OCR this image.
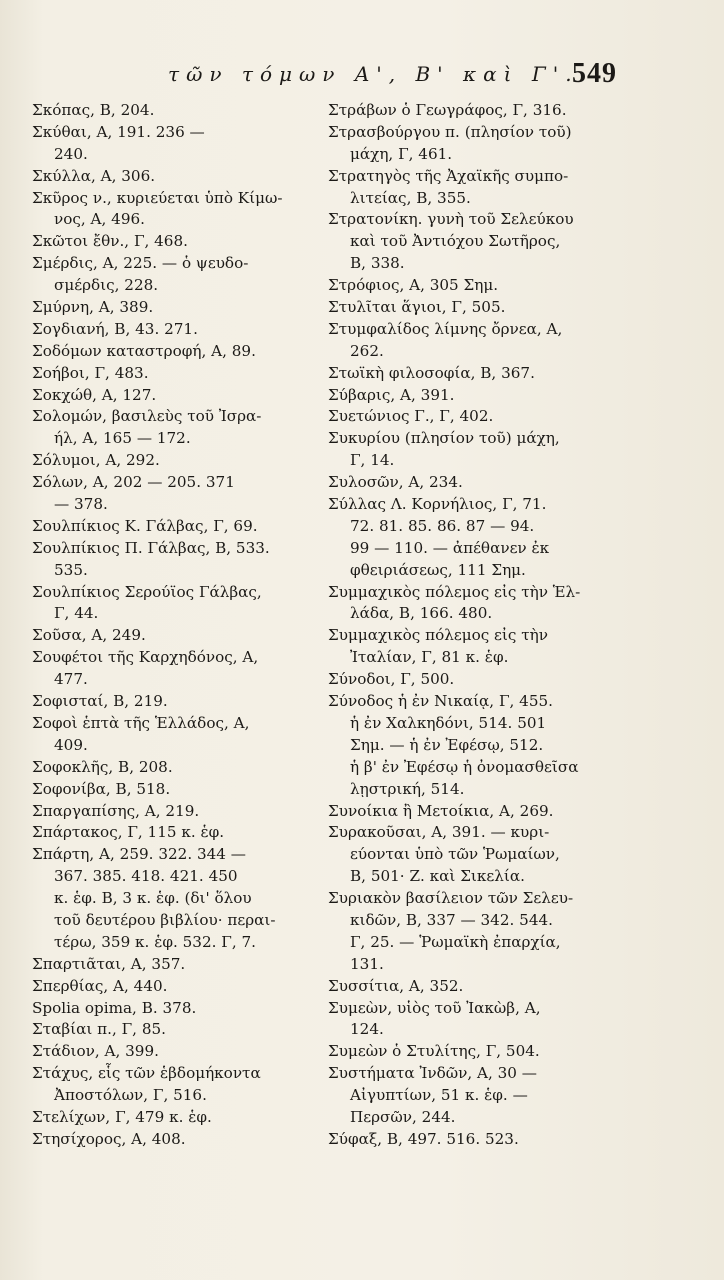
τῶν τόμων Α', Β' καὶ Γ'.
549
Σκόπας, Β, 204.
Σκύθαι, Α, 191. 236 —
240.
Σκύλλα, Α, 306.
Σκῦρος ν., κυριεύεται ὑπὸ Κίμω-
νος, Α, 496.
Σκῶτοι ἔθν., Γ, 468.
Σμέρδις, Α, 225. — ὁ ψευδο-
σμέρδις, 228.
Σμύρνη, Α, 389.
Σογδιανή, Β, 43. 271.
Σοδόμων καταστροφή, Α, 89.
Σοήβοι, Γ, 483.
Σοκχώθ, Α, 127.
Σολομών, βασιλεὺς τοῦ Ἰσρα-
ήλ, Α, 165 — 172.
Σόλυμοι, Α, 292.
Σόλων, Α, 202 — 205. 371
— 378.
Σουλπίκιος Κ. Γάλβας, Γ, 69.
Σουλπίκιος Π. Γάλβας, Β, 533.
535.
Σουλπίκιος Σερούϊος Γάλβας,
Γ, 44.
Σοῦσα, Α, 249.
Σουφέτοι τῆς Καρχηδόνος, Α,
477.
Σοφισταί, Β, 219.
Σοφοὶ ἑπτὰ τῆς Ἑλλάδος, Α,
409.
Σοφοκλῆς, Β, 208.
Σοφονίβα, Β, 518.
Σπαργαπίσης, Α, 219.
Σπάρτακος, Γ, 115 κ. ἑφ.
Σπάρτη, Α, 259. 322. 344 —
367. 385. 418. 421. 450
κ. ἑφ. Β, 3 κ. ἑφ. (δι' ὅλου
τοῦ δευτέρου βιβλίου· περαι-
τέρω, 359 κ. ἑφ. 532. Γ, 7.
Σπαρτιᾶται, Α, 357.
Σπερθίας, Α, 440.
Spolia opima, Β. 378.
Σταβίαι π., Γ, 85.
Στάδιον, Α, 399.
Στάχυς, εἷς τῶν ἑβδομήκοντα
Ἀποστόλων, Γ, 516.
Στελίχων, Γ, 479 κ. ἑφ.
Στησίχορος, Α, 408.
Στράβων ὁ Γεωγράφος, Γ, 316.
Στρασβούργου π. (πλησίον τοῦ)
μάχη, Γ, 461.
Στρατηγὸς τῆς Ἀχαϊκῆς συμπο-
λιτείας, Β, 355.
Στρατονίκη. γυνὴ τοῦ Σελεύκου
καὶ τοῦ Ἀντιόχου Σωτῆρος,
Β, 338.
Στρόφιος, Α, 305 Σημ.
Στυλῖται ἅγιοι, Γ, 505.
Στυμφαλίδος λίμνης ὄρνεα, Α,
262.
Στωϊκὴ φιλοσοφία, Β, 367.
Σύβαρις, Α, 391.
Συετώνιος Γ., Γ, 402.
Συκυρίου (πλησίον τοῦ) μάχη,
Γ, 14.
Συλοσῶν, Α, 234.
Σύλλας Λ. Κορνήλιος, Γ, 71.
72. 81. 85. 86. 87 — 94.
99 — 110. — ἀπέθανεν ἐκ
φθειριάσεως, 111 Σημ.
Συμμαχικὸς πόλεμος εἰς τὴν Ἑλ-
λάδα, Β, 166. 480.
Συμμαχικὸς πόλεμος εἰς τὴν
Ἰταλίαν, Γ, 81 κ. ἑφ.
Σύνοδοι, Γ, 500.
Σύνοδος ἡ ἐν Νικαίᾳ, Γ, 455.
ἡ ἐν Χαλκηδόνι, 514. 501
Σημ. — ἡ ἐν Ἐφέσῳ, 512.
ἡ β' ἐν Ἐφέσῳ ἡ ὀνομασθεῖσα
λῃστρική, 514.
Συνοίκια ἢ Μετοίκια, Α, 269.
Συρακοῦσαι, Α, 391. — κυρι-
εύονται ὑπὸ τῶν Ῥωμαίων,
Β, 501· Ζ. καὶ Σικελία.
Συριακὸν βασίλειον τῶν Σελευ-
κιδῶν, Β, 337 — 342. 544.
Γ, 25. — Ῥωμαϊκὴ ἐπαρχία,
131.
Συσσίτια, Α, 352.
Συμεὼν, υἱὸς τοῦ Ἰακὼβ, Α,
124.
Συμεὼν ὁ Στυλίτης, Γ, 504.
Συστήματα Ἰνδῶν, Α, 30 —
Αἰγυπτίων, 51 κ. ἑφ. —
Περσῶν, 244.
Σύφαξ, Β, 497. 516. 523.
